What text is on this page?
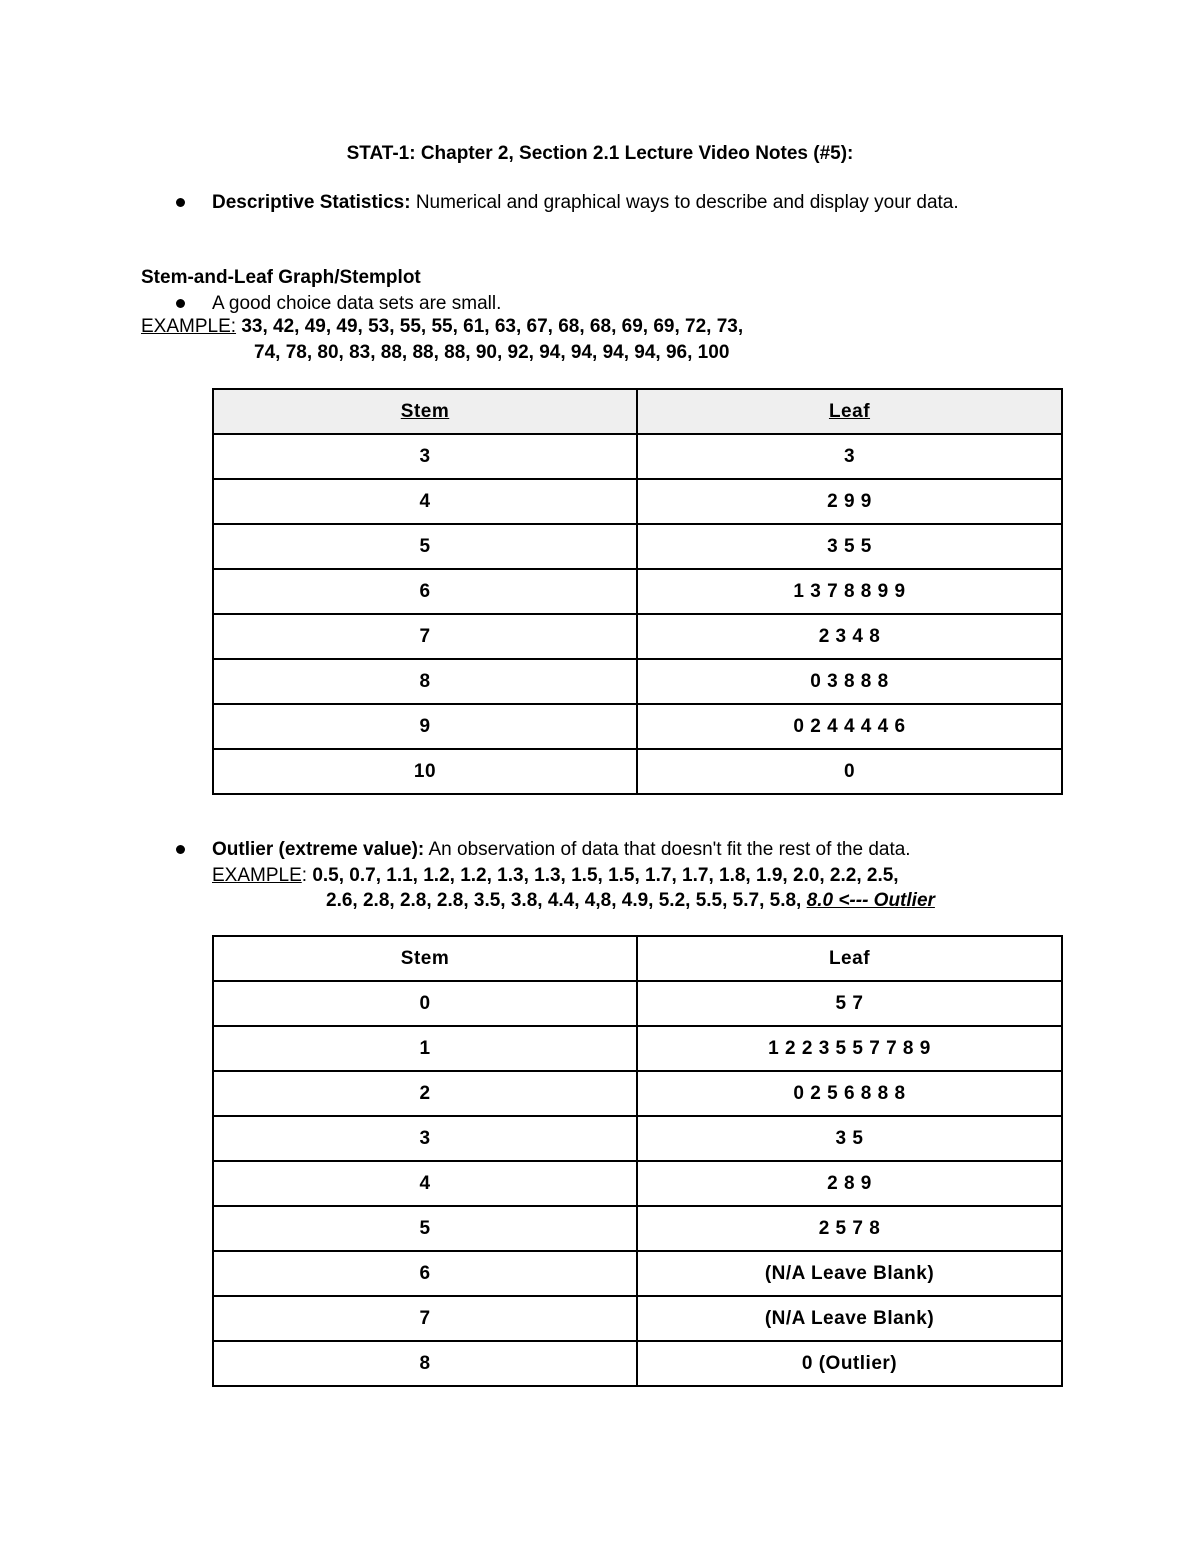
STAT-1: Chapter 2, Section 2.1 Lecture Video Notes (#5):
Descriptive Statistics: Numerical and graphical ways to describe and display your data.
Stem-and-Leaf Graph/Stemplot
A good choice data sets are small.
EXAMPLE: 33, 42, 49, 49, 53, 55, 55, 61, 63, 67, 68, 68, 69, 69, 72, 73,
74, 78, 80, 83, 88, 88, 88, 90, 92, 94, 94, 94, 94, 96, 100
Stem	Leaf
3	3
4	2 9 9
5	3 5 5
6	1 3 7 8 8 9 9
7	2 3 4 8
8	0 3 8 8 8
9	0 2 4 4 4 4 6
10	0
Outlier (extreme value): An observation of data that doesn't fit the rest of the data.
EXAMPLE: 0.5, 0.7, 1.1, 1.2, 1.2, 1.3, 1.3, 1.5, 1.5, 1.7, 1.7, 1.8, 1.9, 2.0, 2.2, 2.5,
2.6, 2.8, 2.8, 2.8, 3.5, 3.8, 4.4, 4,8, 4.9, 5.2, 5.5, 5.7, 5.8, 8.0 <--- Outlier
Stem	Leaf
0	5 7
1	1 2 2 3 5 5 7 7 8 9
2	0 2 5 6 8 8 8
3	3 5
4	2 8 9
5	2 5 7 8
6	(N/A Leave Blank)
7	(N/A Leave Blank)
8	0 (Outlier)
